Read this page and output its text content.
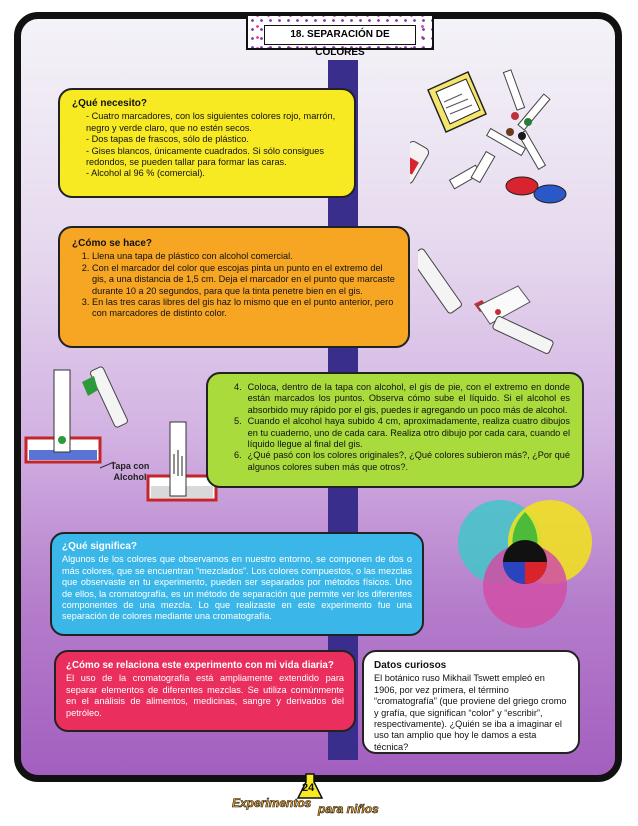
18. SEPARACIÓN DE COLORES
¿Qué necesito?
- Cuatro marcadores, con los siguientes colores rojo, marrón, negro y verde claro, que no estén secos.
- Dos tapas de frascos, sólo de plástico.
- Gises blancos, únicamente cuadrados. Si sólo consigues redondos, se pueden tallar para formar las caras.
- Alcohol al 96 % (comercial).
¿Cómo se hace?
1. Llena una tapa de plástico con alcohol comercial.
2. Con el marcador del color que escojas pinta un punto en el extremo del gis, a una distancia de 1,5 cm. Deja el marcador en el punto que marcaste durante 10 a 20 segundos, para que la tinta penetre bien en el gis.
3. En las tres caras libres del gis haz lo mismo que en el punto anterior, pero con marcadores de distinto color.
Tapa con Alcohol
4. Coloca, dentro de la tapa con alcohol, el gis de pie, con el extremo en donde están marcados los puntos. Observa cómo sube el líquido. Si el alcohol es absorbido muy rápido por el gis, puedes ir agregando un poco más de alcohol.
5. Cuando el alcohol haya subido 4 cm, aproximadamente, realiza cuatro dibujos en tu cuaderno, uno de cada cara. Realiza otro dibujo por cada cara, cuando el líquido llegue al final del gis.
6. ¿Qué pasó con los colores originales?, ¿Qué colores subieron más?, ¿Por qué algunos colores suben más que otros?.
¿Qué significa?
Algunos de los colores que observamos en nuestro entorno, se componen de dos o más colores, que se encuentran “mezclados”. Los colores compuestos, o las mezclas que observaste en tu experimento, pueden ser separados por métodos físicos. Uno de ellos, la cromatografía, es un método de separación que permite ver los diferentes componentes de una mezcla. Lo que realizaste en este experimento fue una separación de colores mediante una cromatografía.
¿Cómo se relaciona este experimento con mi vida diaria?
El uso de la cromatografía está ampliamente extendido para separar elementos de diferentes mezclas. Se utiliza comúnmente en el análisis de alimentos, medicinas, sangre y derivados del petróleo.
Datos curiosos
El botánico ruso Mikhail Tswett empleó en 1906, por vez primera, el término “cromatografía” (que proviene del griego cromo y grafía, que significan “color” y “escribir”, respectivamente). ¿Quién se iba a imaginar el uso tan amplio que hoy le damos a esta técnica?
24
Experimentos para niños
